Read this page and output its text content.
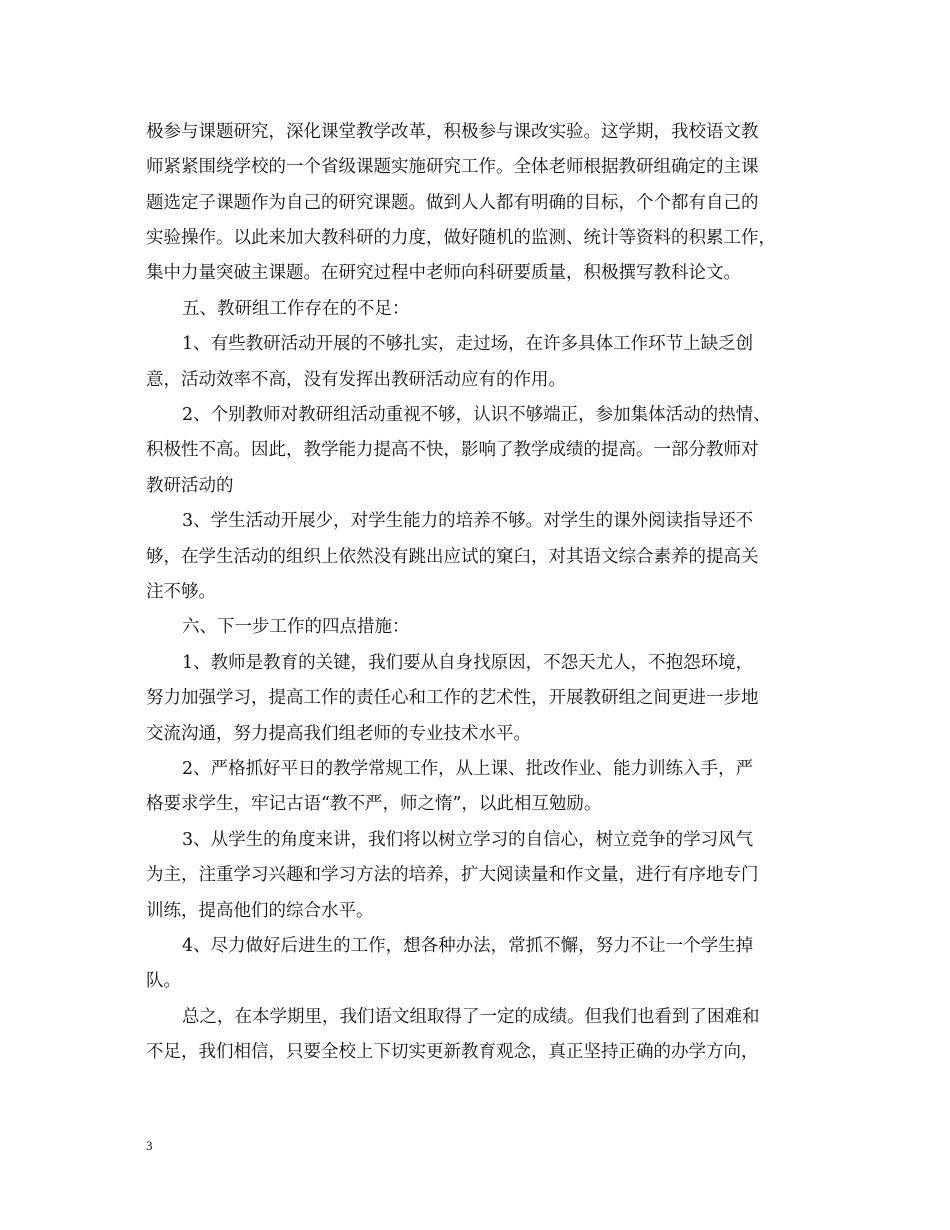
极参与课题研究，深化课堂教学改革，积极参与课改实验。这学期，我校语文教
师紧紧围绕学校的一个省级课题实施研究工作。全体老师根据教研组确定的主课
题选定子课题作为自己的研究课题。做到人人都有明确的目标，个个都有自己的
实验操作。以此来加大教科研的力度，做好随机的监测、统计等资料的积累工作，
集中力量突破主课题。在研究过程中老师向科研要质量，积极撰写教科论文。
五、教研组工作存在的不足：
1、有些教研活动开展的不够扎实，走过场，在许多具体工作环节上缺乏创
意，活动效率不高，没有发挥出教研活动应有的作用。
2、个别教师对教研组活动重视不够，认识不够端正，参加集体活动的热情、
积极性不高。因此，教学能力提高不快，影响了教学成绩的提高。一部分教师对
教研活动的
3、学生活动开展少，对学生能力的培养不够。对学生的课外阅读指导还不
够，在学生活动的组织上依然没有跳出应试的窠臼，对其语文综合素养的提高关
注不够。
六、下一步工作的四点措施：
1、教师是教育的关键，我们要从自身找原因，不怨天尤人，不抱怨环境，
努力加强学习，提高工作的责任心和工作的艺术性，开展教研组之间更进一步地
交流沟通，努力提高我们组老师的专业技术水平。
2、严格抓好平日的教学常规工作，从上课、批改作业、能力训练入手，严
格要求学生，牢记古语“教不严，师之惰”，以此相互勉励。
3、从学生的角度来讲，我们将以树立学习的自信心，树立竞争的学习风气
为主，注重学习兴趣和学习方法的培养，扩大阅读量和作文量，进行有序地专门
训练，提高他们的综合水平。
4、尽力做好后进生的工作，想各种办法，常抓不懈，努力不让一个学生掉
队。
总之，在本学期里，我们语文组取得了一定的成绩。但我们也看到了困难和
不足，我们相信，只要全校上下切实更新教育观念，真正坚持正确的办学方向，
3
